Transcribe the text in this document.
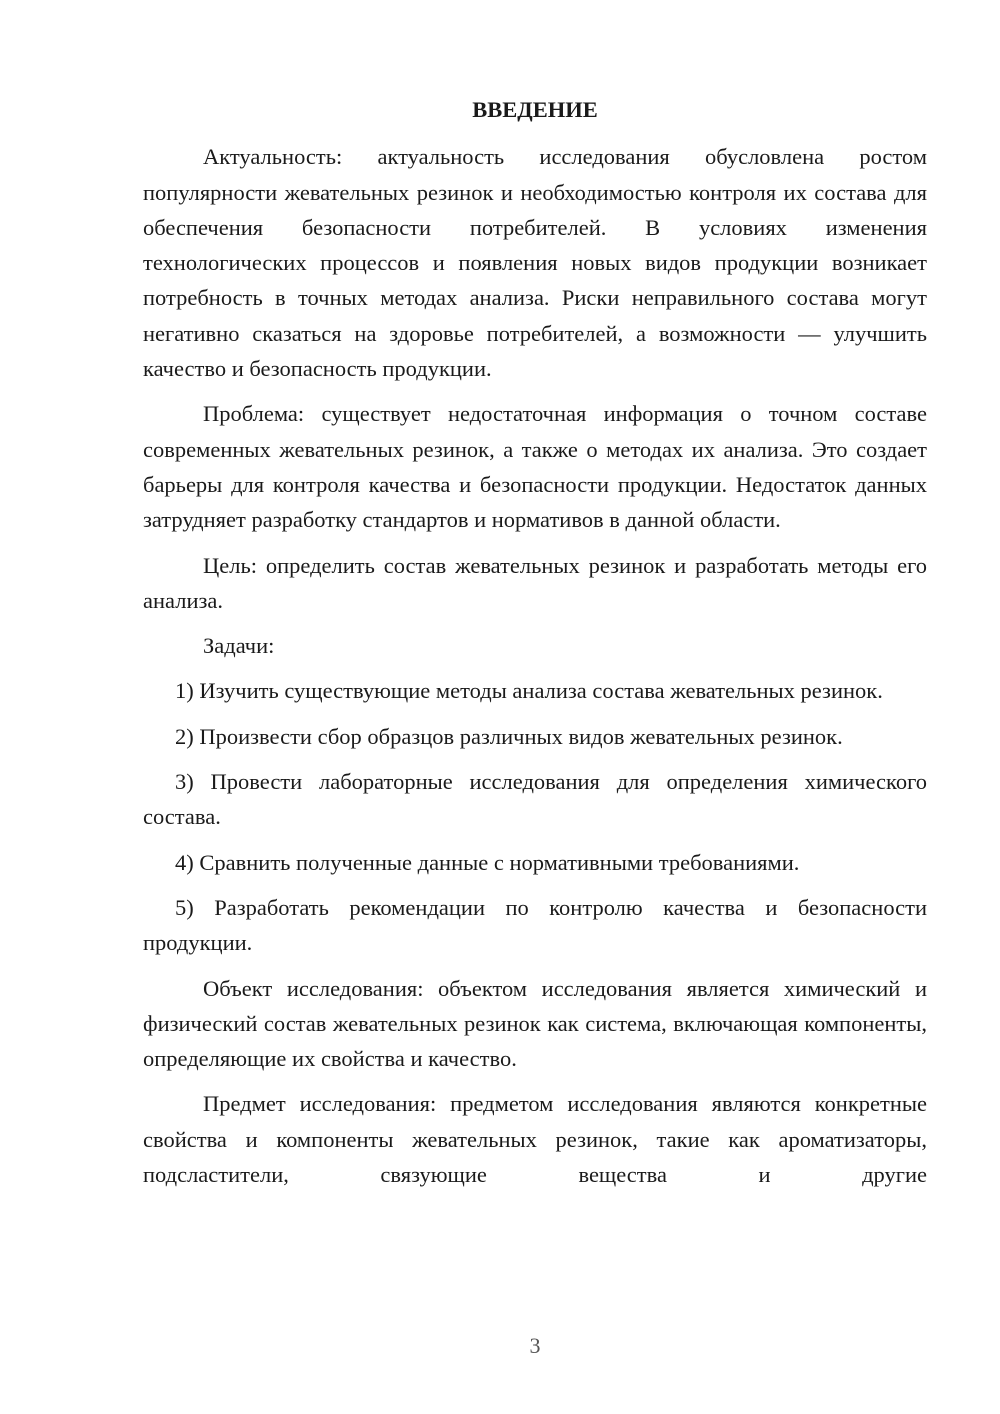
ВВЕДЕНИЕ

Актуальность: актуальность исследования обусловлена ростом популярности жевательных резинок и необходимостью контроля их состава для обеспечения безопасности потребителей. В условиях изменения технологических процессов и появления новых видов продукции возникает потребность в точных методах анализа. Риски неправильного состава могут негативно сказаться на здоровье потребителей, а возможности — улучшить качество и безопасность продукции.

Проблема: существует недостаточная информация о точном составе современных жевательных резинок, а также о методах их анализа. Это создает барьеры для контроля качества и безопасности продукции. Недостаток данных затрудняет разработку стандартов и нормативов в данной области.

Цель: определить состав жевательных резинок и разработать методы его анализа.

Задачи:

1) Изучить существующие методы анализа состава жевательных резинок.

2) Произвести сбор образцов различных видов жевательных резинок.

3) Провести лабораторные исследования для определения химического состава.

4) Сравнить полученные данные с нормативными требованиями.

5) Разработать рекомендации по контролю качества и безопасности продукции.

Объект исследования: объектом исследования является химический и физический состав жевательных резинок как система, включающая компоненты, определяющие их свойства и качество.

Предмет исследования: предметом исследования являются конкретные свойства и компоненты жевательных резинок, такие как ароматизаторы, подсластители, связующие вещества и другие

3
